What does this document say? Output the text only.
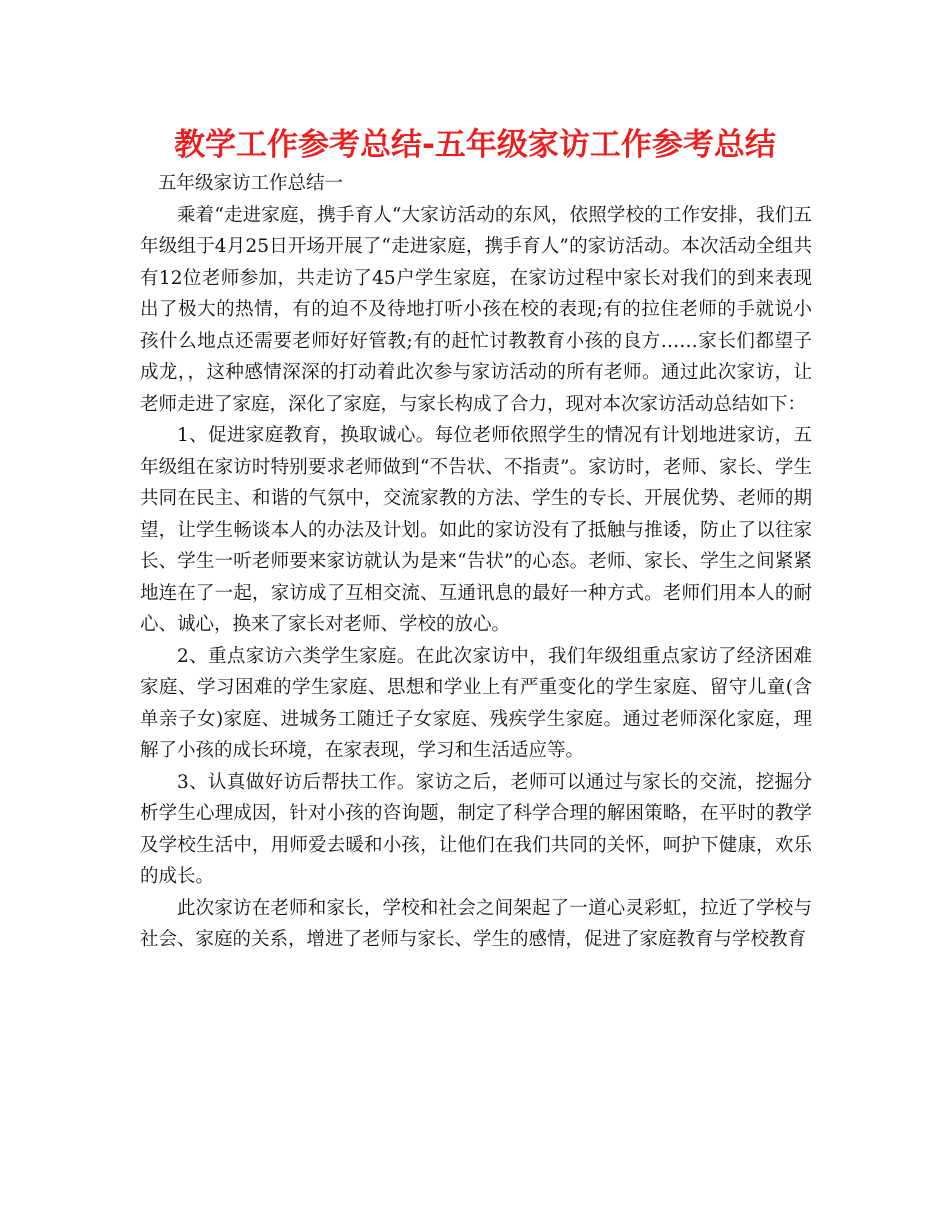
教学工作参考总结-五年级家访工作参考总结

五年级家访工作总结一

乘着“走进家庭，携手育人“大家访活动的东风，依照学校的工作安排，我们五年级组于4月25日开场开展了“走进家庭，携手育人”的家访活动。本次活动全组共有12位老师参加，共走访了45户学生家庭，在家访过程中家长对我们的到来表现出了极大的热情，有的迫不及待地打听小孩在校的表现;有的拉住老师的手就说小孩什么地点还需要老师好好管教;有的赶忙讨教教育小孩的良方……家长们都望子成龙，，这种感情深深的打动着此次参与家访活动的所有老师。通过此次家访，让老师走进了家庭，深化了家庭，与家长构成了合力，现对本次家访活动总结如下：

1、促进家庭教育，换取诚心。每位老师依照学生的情况有计划地进家访，五年级组在家访时特别要求老师做到“不告状、不指责”。家访时，老师、家长、学生共同在民主、和谐的气氛中，交流家教的方法、学生的专长、开展优势、老师的期望，让学生畅谈本人的办法及计划。如此的家访没有了抵触与推诿，防止了以往家长、学生一听老师要来家访就认为是来“告状”的心态。老师、家长、学生之间紧紧地连在了一起，家访成了互相交流、互通讯息的最好一种方式。老师们用本人的耐心、诚心，换来了家长对老师、学校的放心。

2、重点家访六类学生家庭。在此次家访中，我们年级组重点家访了经济困难家庭、学习困难的学生家庭、思想和学业上有严重变化的学生家庭、留守儿童(含单亲子女)家庭、进城务工随迁子女家庭、残疾学生家庭。通过老师深化家庭，理解了小孩的成长环境，在家表现，学习和生活适应等。

3、认真做好访后帮扶工作。家访之后，老师可以通过与家长的交流，挖掘分析学生心理成因，针对小孩的咨询题，制定了科学合理的解困策略，在平时的教学及学校生活中，用师爱去暖和小孩，让他们在我们共同的关怀，呵护下健康，欢乐的成长。

此次家访在老师和家长，学校和社会之间架起了一道心灵彩虹，拉近了学校与社会、家庭的关系，增进了老师与家长、学生的感情，促进了家庭教育与学校教育
